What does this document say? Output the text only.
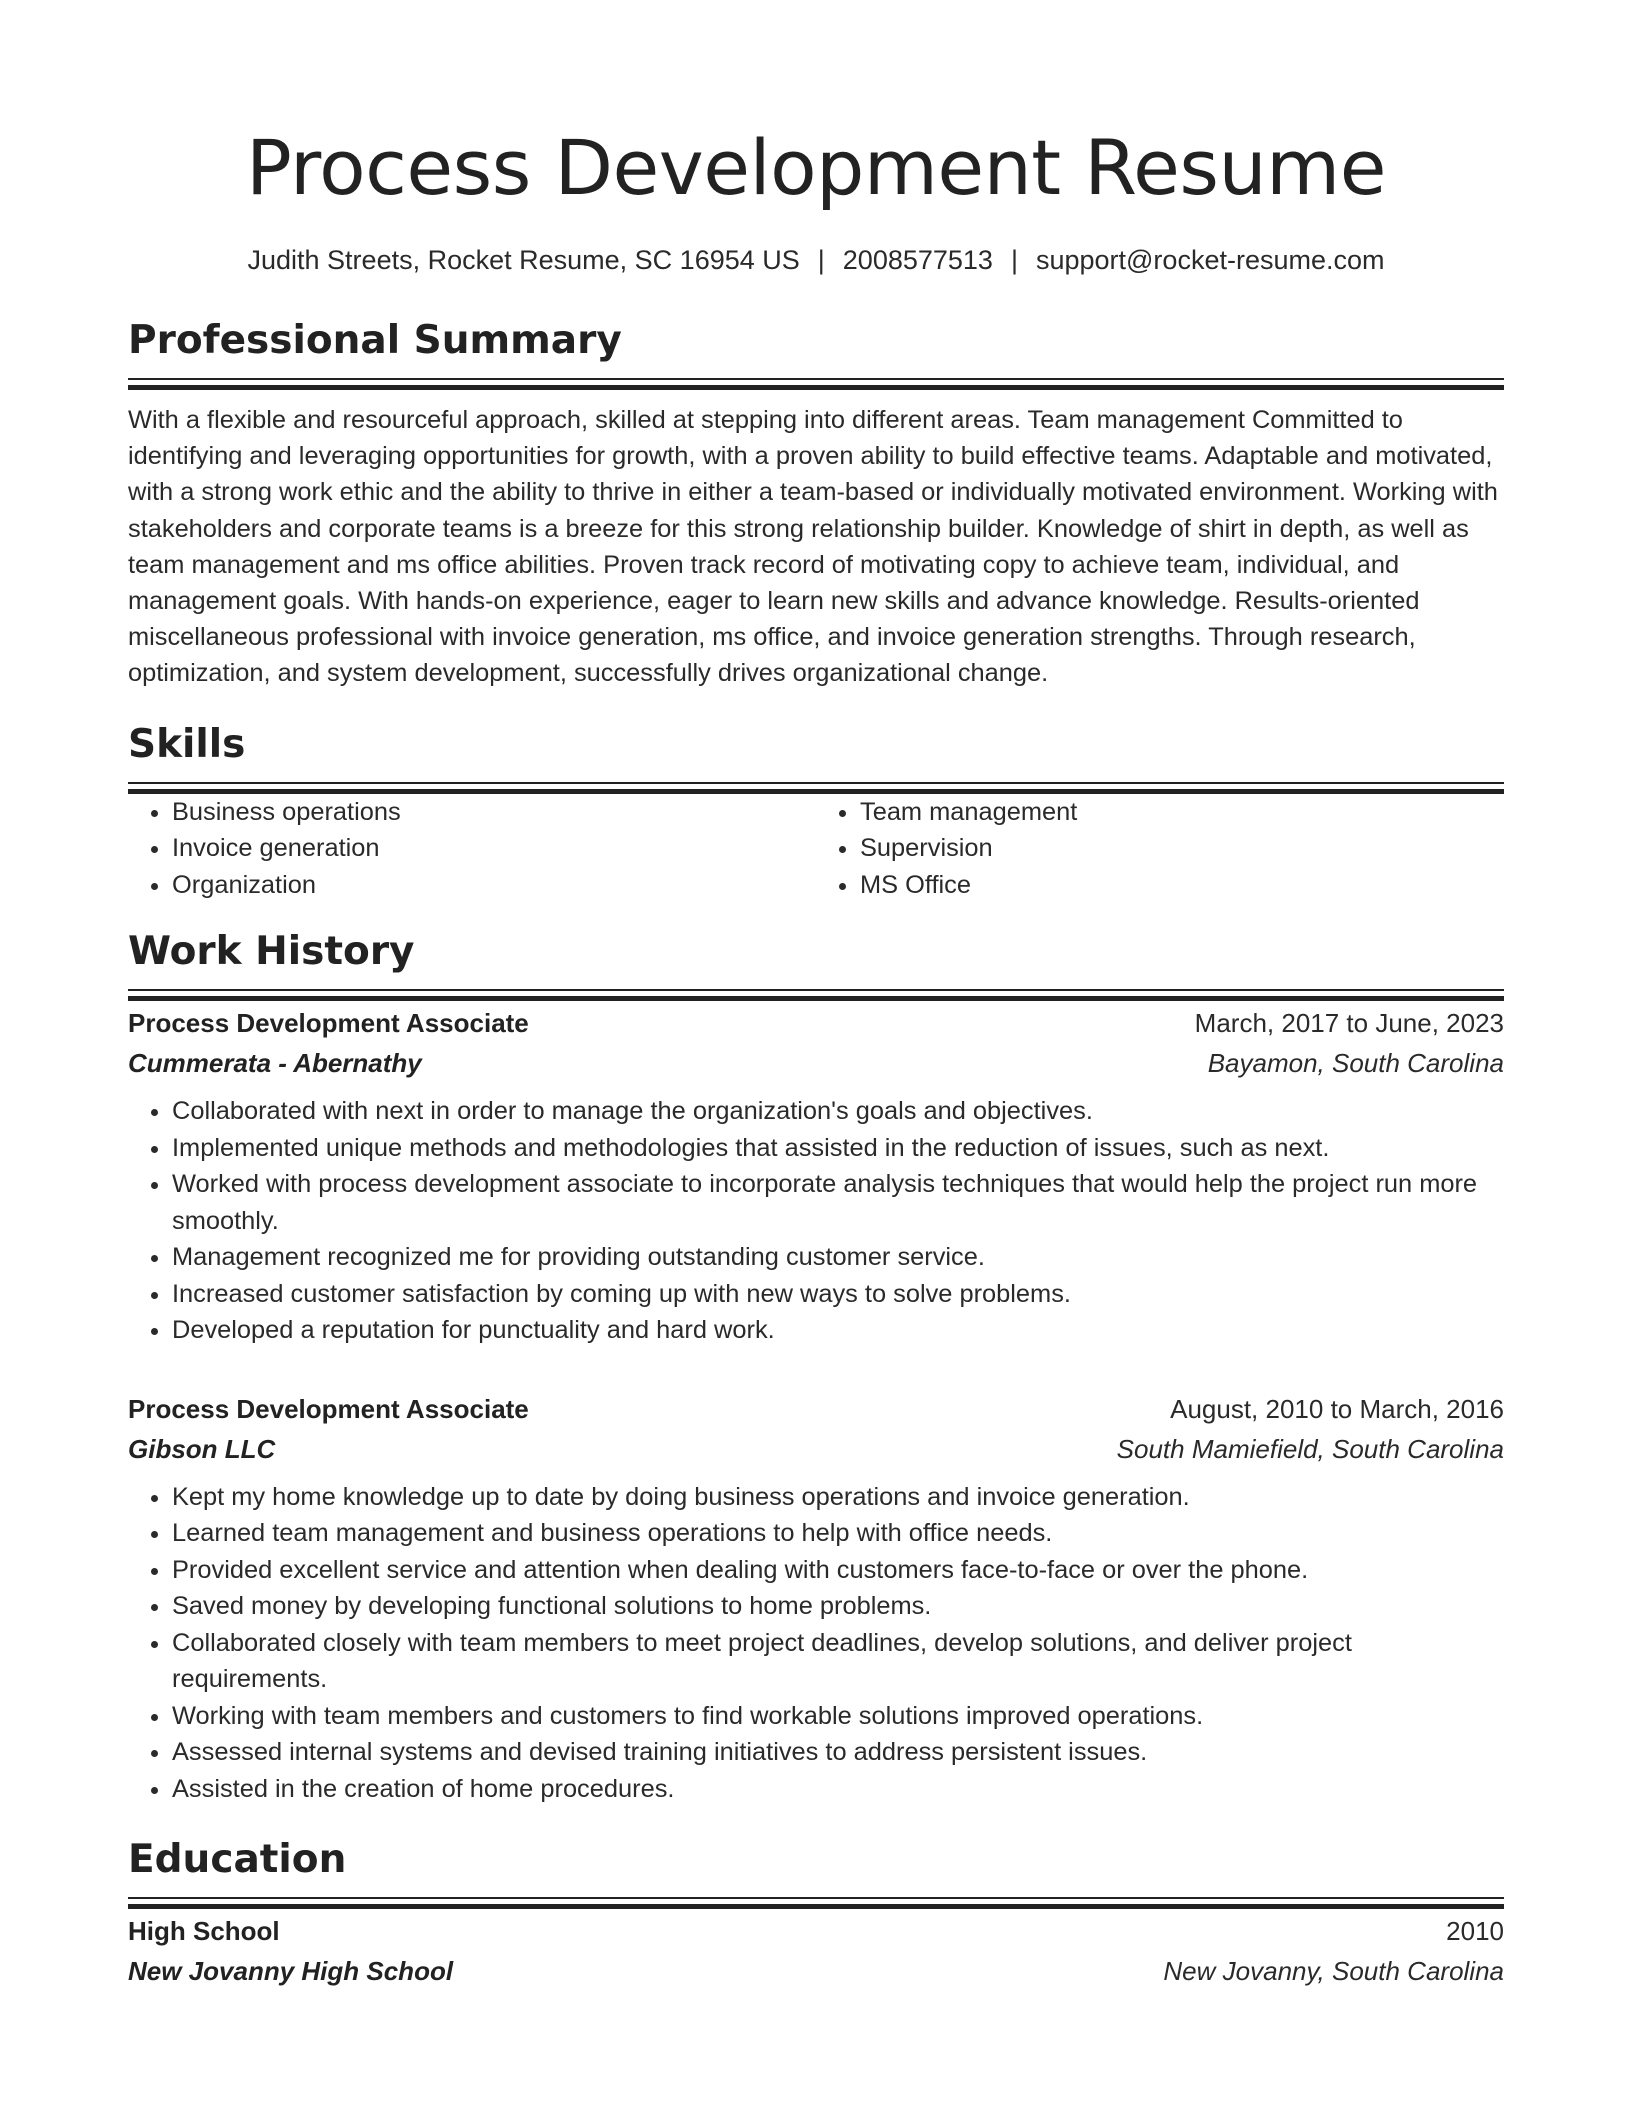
Process Development Resume
Judith Streets, Rocket Resume, SC 16954 US | 2008577513 | support@rocket-resume.com
Professional Summary

With a flexible and resourceful approach, skilled at stepping into different areas. Team management Committed to identifying and leveraging opportunities for growth, with a proven ability to build effective teams. Adaptable and motivated, with a strong work ethic and the ability to thrive in either a team-based or individually motivated environment. Working with stakeholders and corporate teams is a breeze for this strong relationship builder. Knowledge of shirt in depth, as well as team management and ms office abilities. Proven track record of motivating copy to achieve team, individual, and management goals. With hands-on experience, eager to learn new skills and advance knowledge. Results-oriented miscellaneous professional with invoice generation, ms office, and invoice generation strengths. Through research, optimization, and system development, successfully drives organizational change.

Skills
• Business operations
• Invoice generation
• Organization
• Team management
• Supervision
• MS Office
Work History
Process Development Associate	March, 2017 to June, 2023
Cummerata - Abernathy	Bayamon, South Carolina
• Collaborated with next in order to manage the organization's goals and objectives.
• Implemented unique methods and methodologies that assisted in the reduction of issues, such as next.
• Worked with process development associate to incorporate analysis techniques that would help the project run more smoothly.
• Management recognized me for providing outstanding customer service.
• Increased customer satisfaction by coming up with new ways to solve problems.
• Developed a reputation for punctuality and hard work.
Process Development Associate	August, 2010 to March, 2016
Gibson LLC	South Mamiefield, South Carolina
• Kept my home knowledge up to date by doing business operations and invoice generation.
• Learned team management and business operations to help with office needs.
• Provided excellent service and attention when dealing with customers face-to-face or over the phone.
• Saved money by developing functional solutions to home problems.
• Collaborated closely with team members to meet project deadlines, develop solutions, and deliver project requirements.
• Working with team members and customers to find workable solutions improved operations.
• Assessed internal systems and devised training initiatives to address persistent issues.
• Assisted in the creation of home procedures.
Education
High School	2010
New Jovanny High School	New Jovanny, South Carolina
